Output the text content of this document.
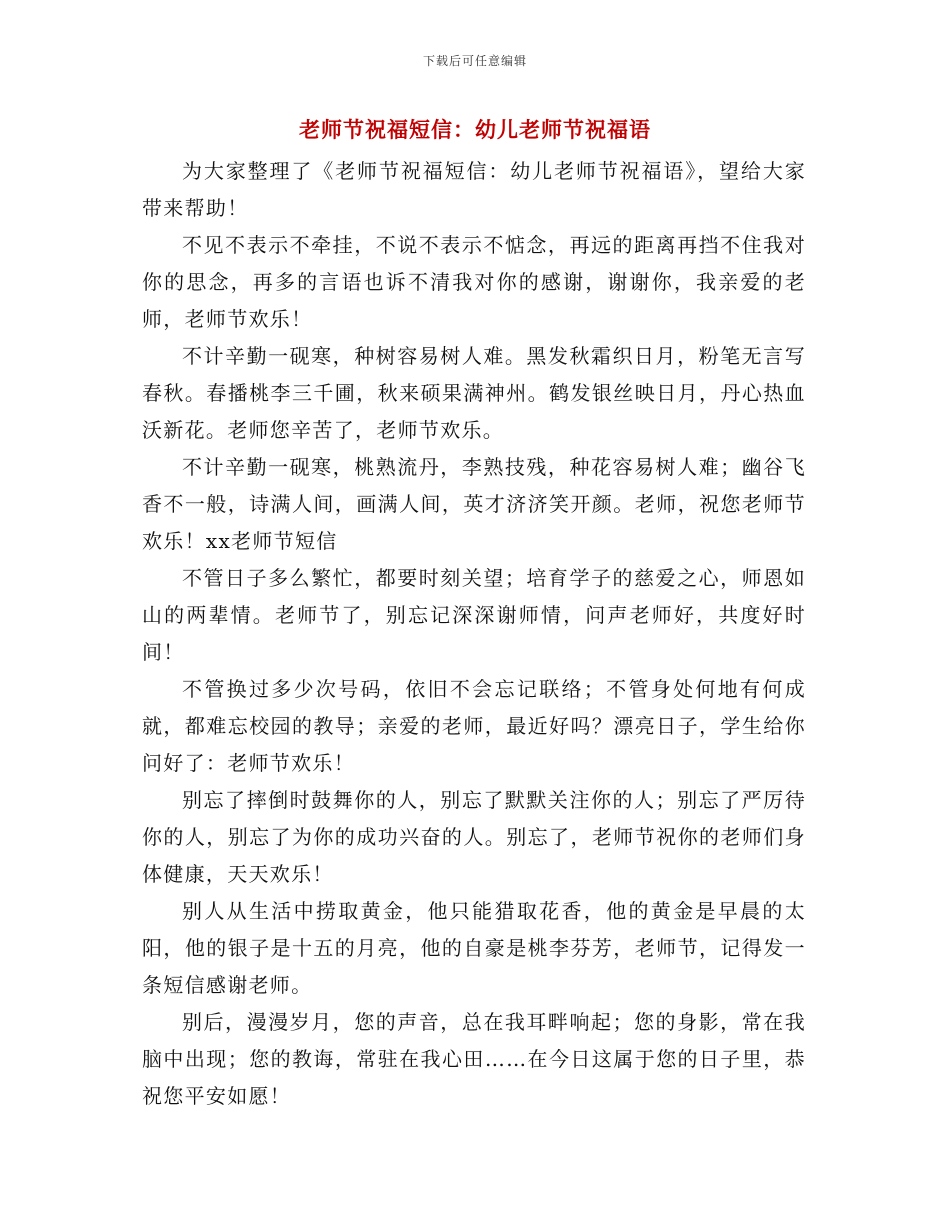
下载后可任意编辑
老师节祝福短信：幼儿老师节祝福语

为大家整理了《老师节祝福短信：幼儿老师节祝福语》，望给大家带来帮助！

不见不表示不牵挂，不说不表示不惦念，再远的距离再挡不住我对你的思念，再多的言语也诉不清我对你的感谢，谢谢你，我亲爱的老师，老师节欢乐！

不计辛勤一砚寒，种树容易树人难。黑发秋霜织日月，粉笔无言写春秋。春播桃李三千圃，秋来硕果满神州。鹤发银丝映日月，丹心热血沃新花。老师您辛苦了，老师节欢乐。

不计辛勤一砚寒，桃熟流丹，李熟技残，种花容易树人难；幽谷飞香不一般，诗满人间，画满人间，英才济济笑开颜。老师，祝您老师节欢乐！xx老师节短信

不管日子多么繁忙，都要时刻关望；培育学子的慈爱之心，师恩如山的两辈情。老师节了，别忘记深深谢师情，问声老师好，共度好时间！

不管换过多少次号码，依旧不会忘记联络；不管身处何地有何成就，都难忘校园的教导；亲爱的老师，最近好吗？漂亮日子，学生给你问好了：老师节欢乐！

别忘了摔倒时鼓舞你的人，别忘了默默关注你的人；别忘了严厉待你的人，别忘了为你的成功兴奋的人。别忘了，老师节祝你的老师们身体健康，天天欢乐！

别人从生活中捞取黄金，他只能猎取花香，他的黄金是早晨的太阳，他的银子是十五的月亮，他的自豪是桃李芬芳，老师节，记得发一条短信感谢老师。

别后，漫漫岁月，您的声音，总在我耳畔响起；您的身影，常在我脑中出现；您的教诲，常驻在我心田……在今日这属于您的日子里，恭祝您平安如愿！
